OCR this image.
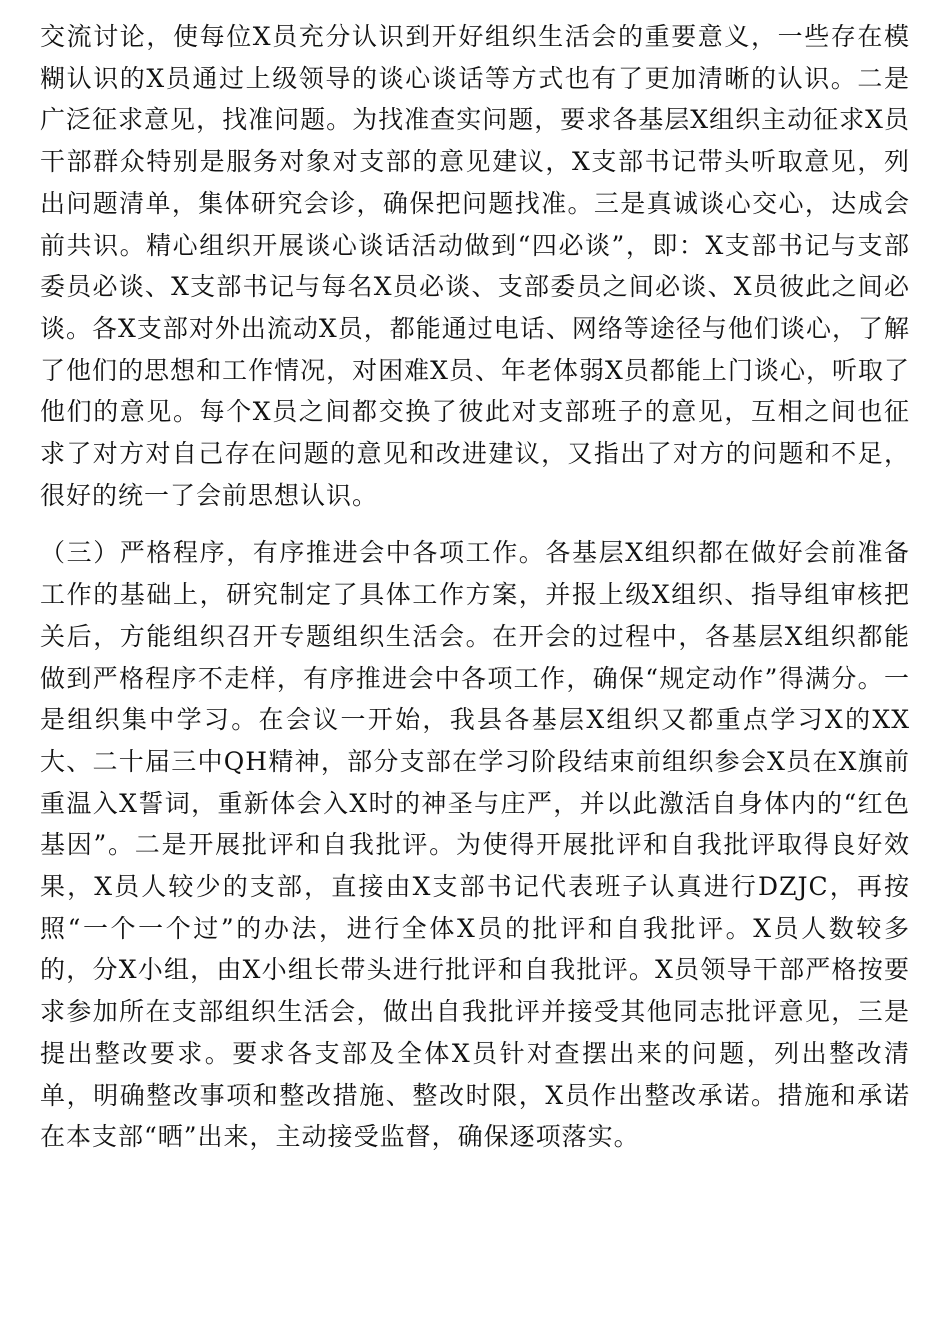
交流讨论，使每位X员充分认识到开好组织生活会的重要意义，一些存在模糊认识的X员通过上级领导的谈心谈话等方式也有了更加清晰的认识。二是广泛征求意见，找准问题。为找准查实问题，要求各基层X组织主动征求X员干部群众特别是服务对象对支部的意见建议，X支部书记带头听取意见，列出问题清单，集体研究会诊，确保把问题找准。三是真诚谈心交心，达成会前共识。精心组织开展谈心谈话活动做到“四必谈”，即：X支部书记与支部委员必谈、X支部书记与每名X员必谈、支部委员之间必谈、X员彼此之间必谈。各X支部对外出流动X员，都能通过电话、网络等途径与他们谈心，了解了他们的思想和工作情况，对困难X员、年老体弱X员都能上门谈心，听取了他们的意见。每个X员之间都交换了彼此对支部班子的意见，互相之间也征求了对方对自己存在问题的意见和改进建议，又指出了对方的问题和不足，很好的统一了会前思想认识。

（三）严格程序，有序推进会中各项工作。各基层X组织都在做好会前准备工作的基础上，研究制定了具体工作方案，并报上级X组织、指导组审核把关后，方能组织召开专题组织生活会。在开会的过程中，各基层X组织都能做到严格程序不走样，有序推进会中各项工作，确保“规定动作”得满分。一是组织集中学习。在会议一开始，我县各基层X组织又都重点学习X的XX大、二十届三中QH精神，部分支部在学习阶段结束前组织参会X员在X旗前重温入X誓词，重新体会入X时的神圣与庄严，并以此激活自身体内的“红色基因”。二是开展批评和自我批评。为使得开展批评和自我批评取得良好效果，X员人较少的支部，直接由X支部书记代表班子认真进行DZJC，再按照“一个一个过”的办法，进行全体X员的批评和自我批评。X员人数较多的，分X小组，由X小组长带头进行批评和自我批评。X员领导干部严格按要求参加所在支部组织生活会，做出自我批评并接受其他同志批评意见，三是提出整改要求。要求各支部及全体X员针对查摆出来的问题，列出整改清单，明确整改事项和整改措施、整改时限，X员作出整改承诺。措施和承诺在本支部“晒”出来，主动接受监督，确保逐项落实。
